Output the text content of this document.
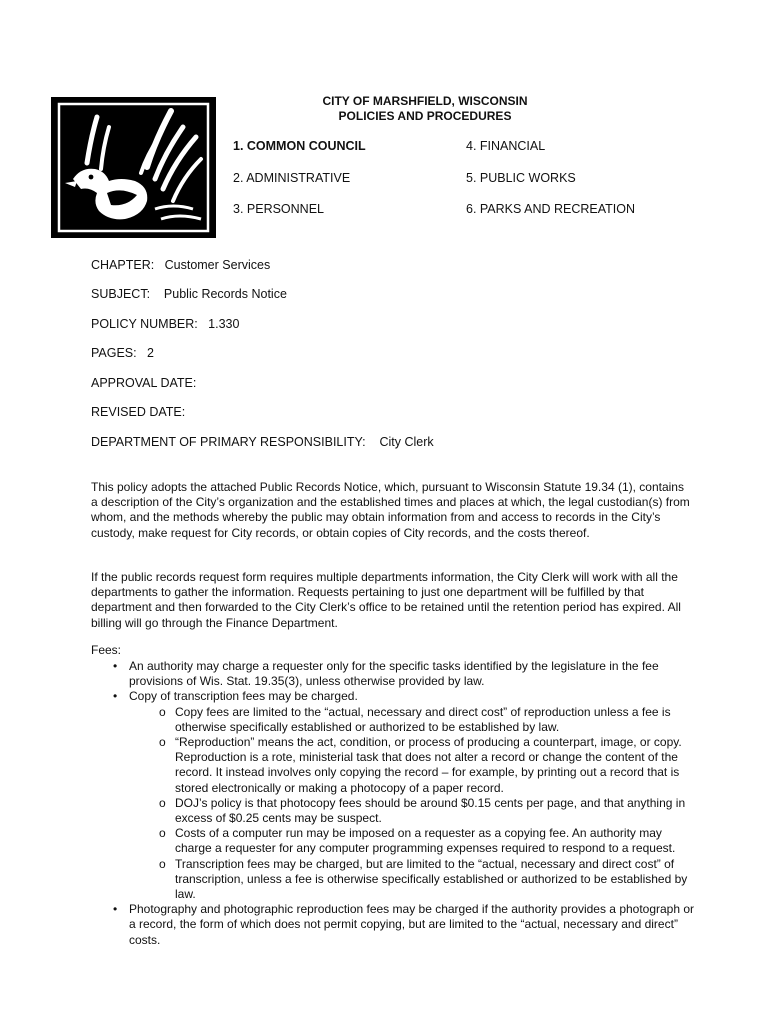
CITY OF MARSHFIELD, WISCONSIN
POLICIES AND PROCEDURES
1. COMMON COUNCIL
2. ADMINISTRATIVE
3. PERSONNEL
4. FINANCIAL
5. PUBLIC WORKS
6. PARKS AND RECREATION
CHAPTER:   Customer Services
SUBJECT:    Public Records Notice
POLICY NUMBER:   1.330
PAGES:   2
APPROVAL DATE:
REVISED DATE:
DEPARTMENT OF PRIMARY RESPONSIBILITY:    City Clerk

This policy adopts the attached Public Records Notice, which, pursuant to Wisconsin Statute 19.34 (1), contains a description of the City’s organization and the established times and places at which, the legal custodian(s) from whom, and the methods whereby the public may obtain information from and access to records in the City’s custody, make request for City records, or obtain copies of City records, and the costs thereof.

If the public records request form requires multiple departments information, the City Clerk will work with all the departments to gather the information. Requests pertaining to just one department will be fulfilled by that department and then forwarded to the City Clerk’s office to be retained until the retention period has expired. All billing will go through the Finance Department.

Fees:
• An authority may charge a requester only for the specific tasks identified by the legislature in the fee provisions of Wis. Stat. 19.35(3), unless otherwise provided by law.
• Copy of transcription fees may be charged.
o Copy fees are limited to the “actual, necessary and direct cost” of reproduction unless a fee is otherwise specifically established or authorized to be established by law.
o “Reproduction” means the act, condition, or process of producing a counterpart, image, or copy. Reproduction is a rote, ministerial task that does not alter a record or change the content of the record. It instead involves only copying the record – for example, by printing out a record that is stored electronically or making a photocopy of a paper record.
o DOJ’s policy is that photocopy fees should be around $0.15 cents per page, and that anything in excess of $0.25 cents may be suspect.
o Costs of a computer run may be imposed on a requester as a copying fee. An authority may charge a requester for any computer programming expenses required to respond to a request.
o Transcription fees may be charged, but are limited to the “actual, necessary and direct cost” of transcription, unless a fee is otherwise specifically established or authorized to be established by law.
• Photography and photographic reproduction fees may be charged if the authority provides a photograph or a record, the form of which does not permit copying, but are limited to the “actual, necessary and direct” costs.
